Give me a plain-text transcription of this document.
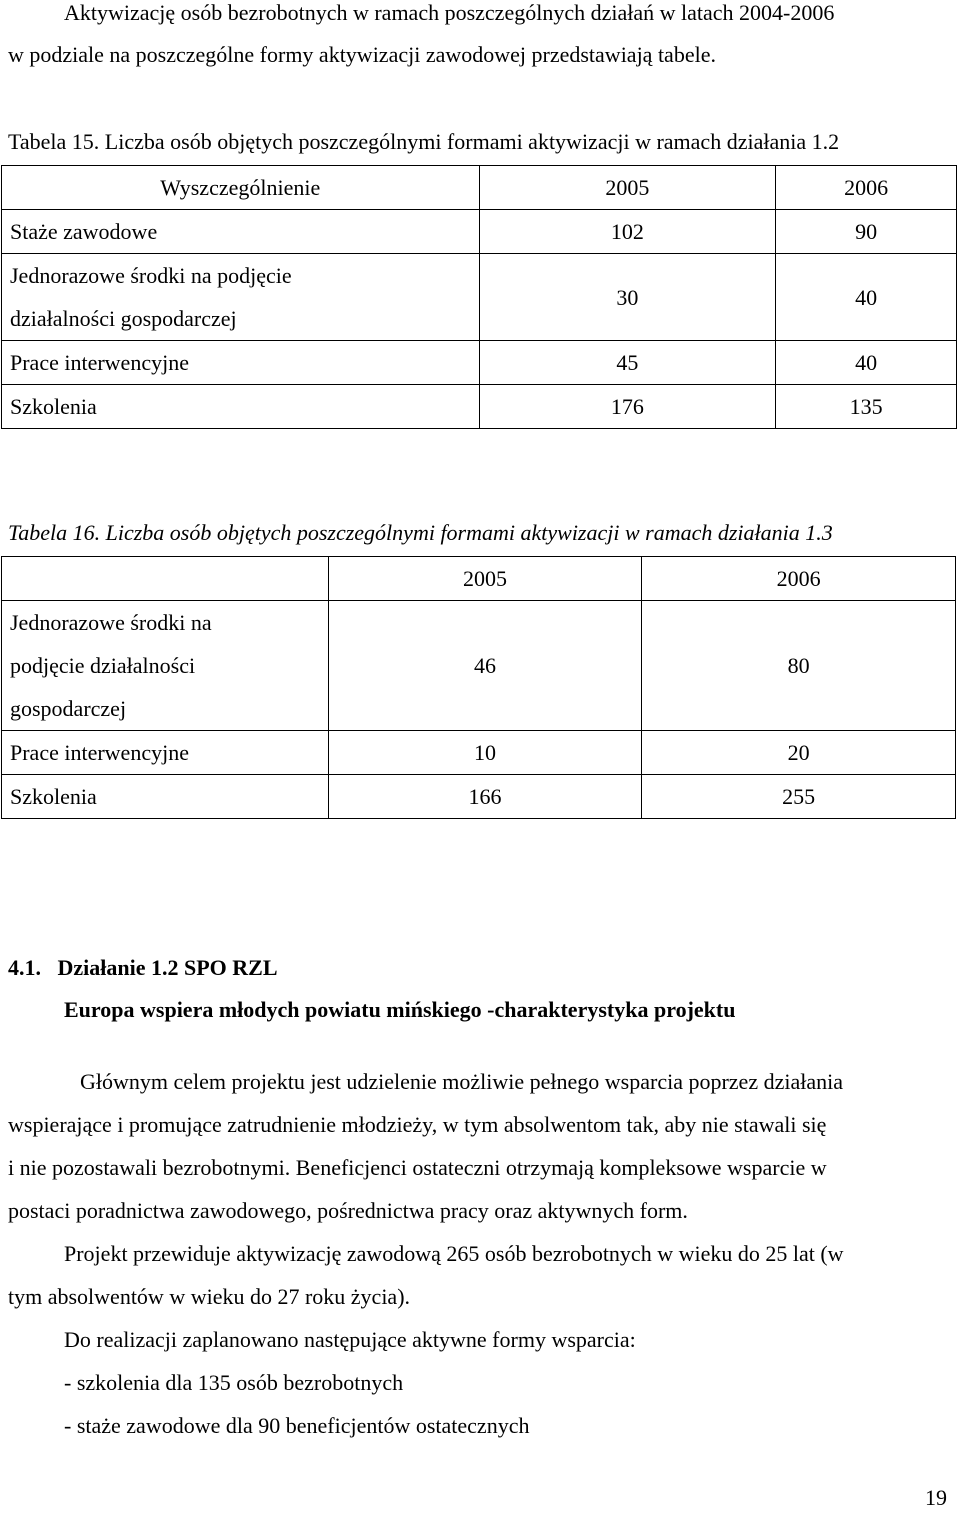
Aktywizację osób bezrobotnych w ramach poszczególnych działań w latach 2004-2006
w podziale na poszczególne formy aktywizacji zawodowej przedstawiają tabele.
Tabela 15. Liczba osób objętych poszczególnymi formami aktywizacji w ramach działania 1.2
Wyszczególnienie	2005	2006
Staże zawodowe	102	90

Jednorazowe środki na podjęcie
działalności gospodarczej	30	40
Prace interwencyjne	45	40
Szkolenia	176	135
Tabela 16. Liczba osób objętych poszczególnymi formami aktywizacji w ramach działania 1.3
	2005	2006

Jednorazowe środki na
podjęcie działalności
gospodarczej	46	80
Prace interwencyjne	10	20
Szkolenia	166	255
4.1. Działanie 1.2 SPO RZL
Europa wspiera młodych powiatu mińskiego -charakterystyka projektu
Głównym celem projektu jest udzielenie możliwie pełnego wsparcia poprzez działania
wspierające i promujące zatrudnienie młodzieży, w tym absolwentom tak, aby nie stawali się
i nie pozostawali bezrobotnymi. Beneficjenci ostateczni otrzymają kompleksowe wsparcie w
postaci poradnictwa zawodowego, pośrednictwa pracy oraz aktywnych form.
Projekt przewiduje aktywizację zawodową 265 osób bezrobotnych w wieku do 25 lat (w
tym absolwentów w wieku do 27 roku życia).
Do realizacji zaplanowano następujące aktywne formy wsparcia:
- szkolenia dla 135 osób bezrobotnych
- staże zawodowe dla 90 beneficjentów ostatecznych
19
